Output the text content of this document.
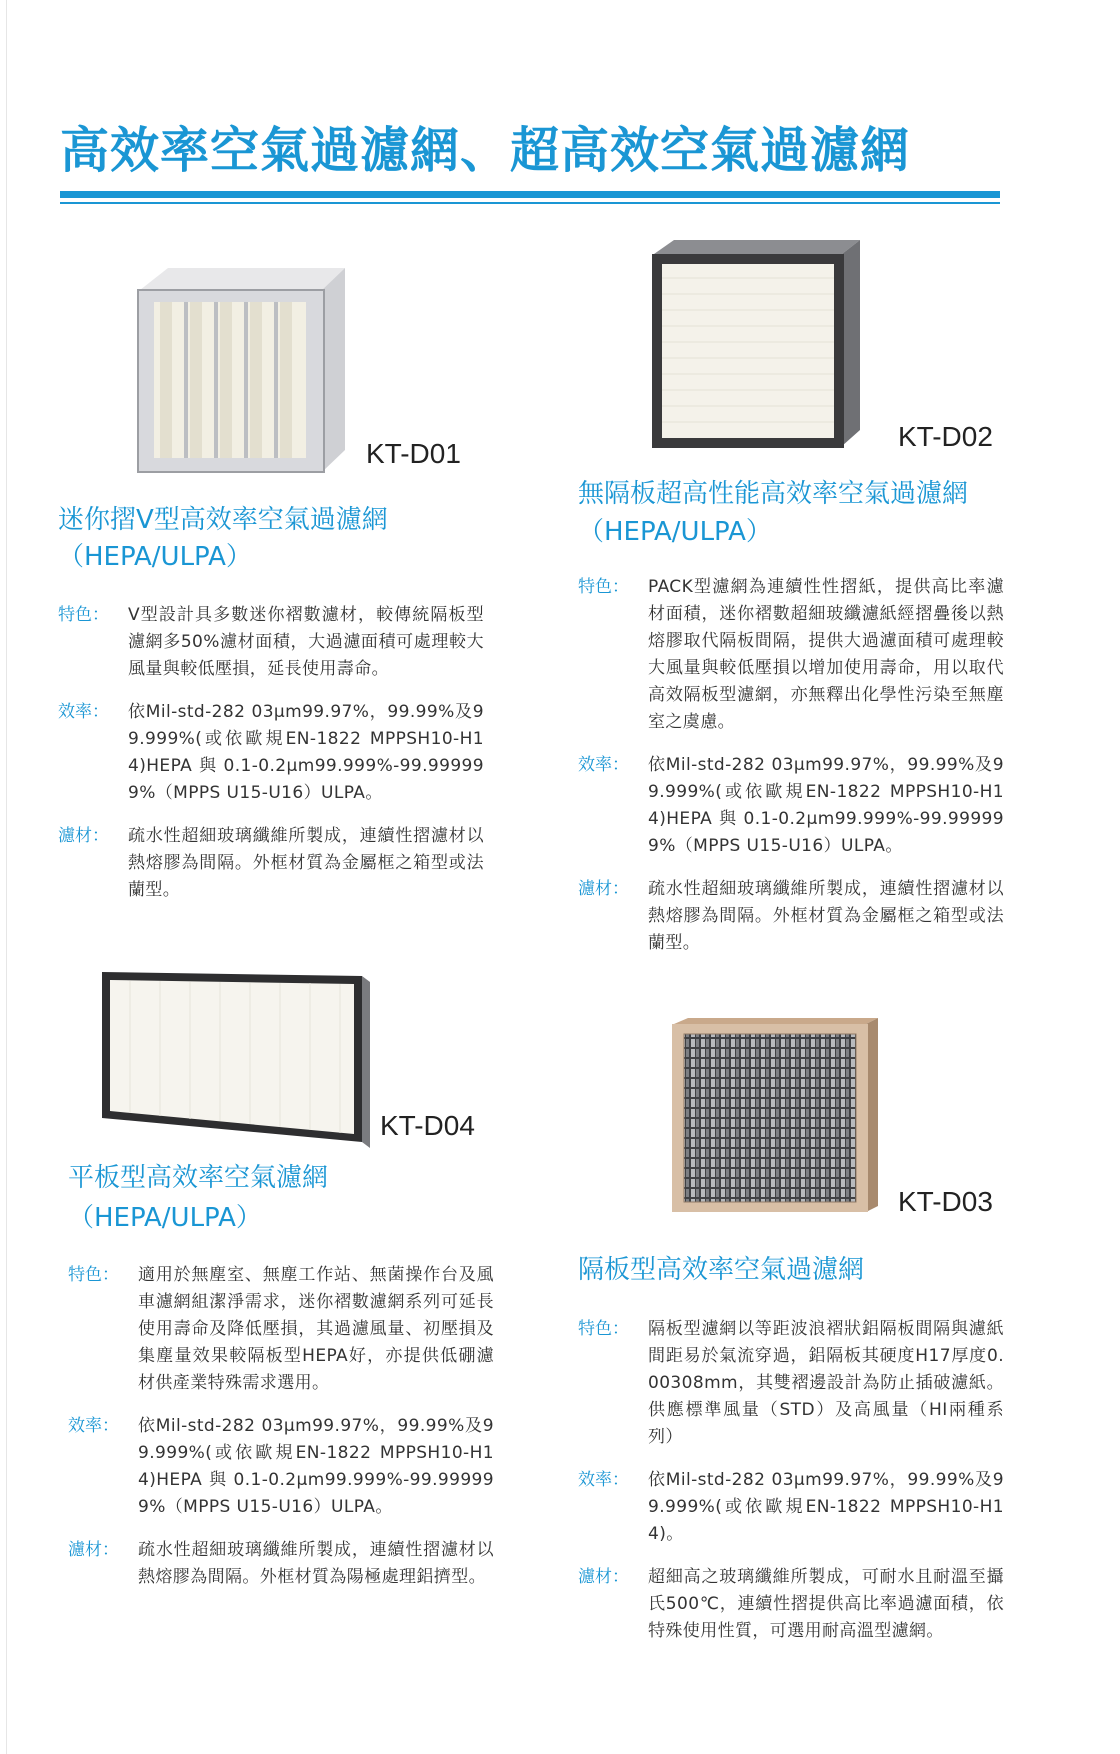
高效率空氣過濾網、超高效空氣過濾網
KT-D01
迷你摺V型高效率空氣過濾網
（HEPA/ULPA）
特色：	V型設計具多數迷你褶數濾材，較傳統隔板型濾網多50%濾材面積，大過濾面積可處理較大風量與較低壓損，延長使用壽命。
效率：	依Mil-std-282 03μm99.97%，99.99%及99.999%(或依歐規EN-1822 MPPSH10-H14)HEPA與0.1-0.2μm99.999%-99.999999%（MPPS U15-U16）ULPA。
濾材：	疏水性超細玻璃纖維所製成，連續性摺濾材以熱熔膠為間隔。外框材質為金屬框之箱型或法蘭型。
KT-D02
無隔板超高性能高效率空氣過濾網
（HEPA/ULPA）
特色：	PACK型濾網為連續性性摺紙，提供高比率濾材面積，迷你褶數超細玻纖濾紙經摺疊後以熱熔膠取代隔板間隔，提供大過濾面積可處理較大風量與較低壓損以增加使用壽命，用以取代高效隔板型濾網，亦無釋出化學性污染至無塵室之虞慮。
效率：	依Mil-std-282 03μm99.97%，99.99%及99.999%(或依歐規EN-1822 MPPSH10-H14)HEPA與0.1-0.2μm99.999%-99.999999%（MPPS U15-U16）ULPA。
濾材：	疏水性超細玻璃纖維所製成，連續性摺濾材以熱熔膠為間隔。外框材質為金屬框之箱型或法蘭型。
KT-D04
平板型高效率空氣濾網
（HEPA/ULPA）
特色：	適用於無塵室、無塵工作站、無菌操作台及風車濾網組潔淨需求，迷你褶數濾網系列可延長使用壽命及降低壓損，其過濾風量、初壓損及集塵量效果較隔板型HEPA好，亦提供低硼濾材供產業特殊需求選用。
效率：	依Mil-std-282 03μm99.97%，99.99%及99.999%(或依歐規EN-1822 MPPSH10-H14)HEPA與0.1-0.2μm99.999%-99.999999%（MPPS U15-U16）ULPA。
濾材：	疏水性超細玻璃纖維所製成，連續性摺濾材以熱熔膠為間隔。外框材質為陽極處理鋁擠型。
KT-D03
隔板型高效率空氣過濾網
特色：	隔板型濾網以等距波浪褶狀鋁隔板間隔與濾紙間距易於氣流穿過，鋁隔板其硬度H17厚度0.00308mm，其雙褶邊設計為防止插破濾紙。供應標準風量（STD）及高風量（HI兩種系列）
效率：	依Mil-std-282 03μm99.97%，99.99%及99.999%(或依歐規EN-1822 MPPSH10-H14)。
濾材：	超細高之玻璃纖維所製成，可耐水且耐溫至攝氏500℃，連續性摺提供高比率過濾面積，依特殊使用性質，可選用耐高溫型濾網。
